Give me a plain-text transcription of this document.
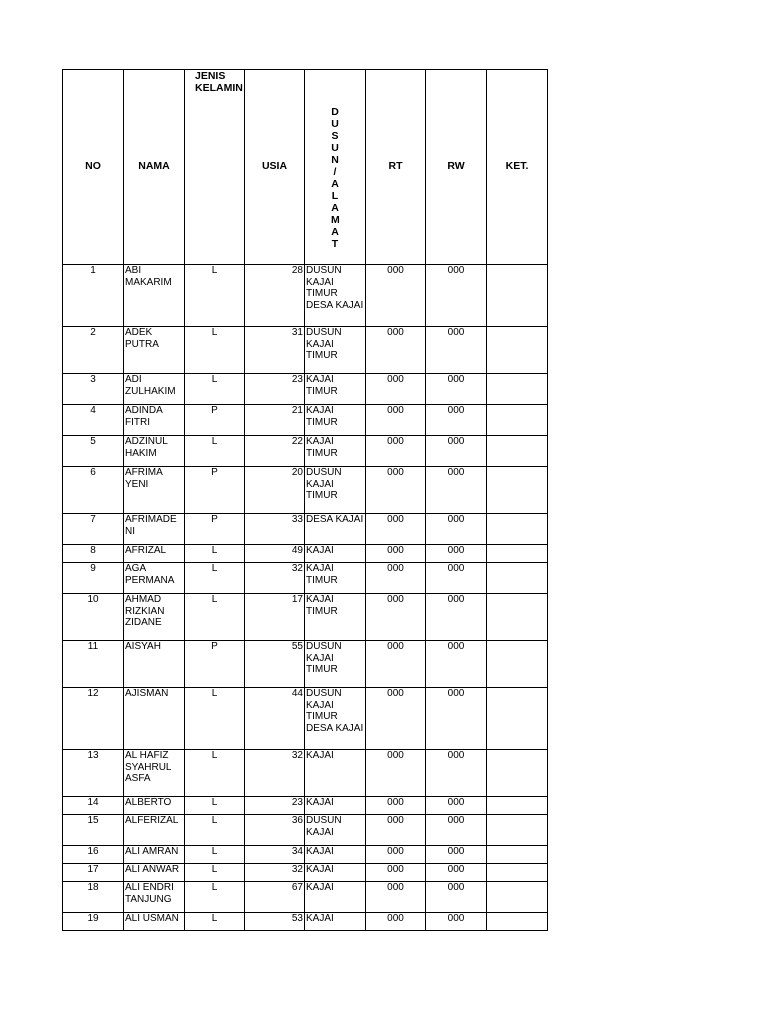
NO	NAMA	JENIS KELAMIN	USIA	DUSUN/ALAMAT	RT	RW	KET.
1	ABI MAKARIM	L	28	DUSUN KAJAI TIMUR DESA KAJAI	000	000	
2	ADEK PUTRA	L	31	DUSUN KAJAI TIMUR	000	000	
3	ADI ZULHAKIM	L	23	KAJAI TIMUR	000	000	
4	ADINDA FITRI	P	21	KAJAI TIMUR	000	000	
5	ADZINUL HAKIM	L	22	KAJAI TIMUR	000	000	
6	AFRIMA YENI	P	20	DUSUN KAJAI TIMUR	000	000	
7	AFRIMADENI	P	33	DESA KAJAI	000	000	
8	AFRIZAL	L	49	KAJAI	000	000	
9	AGA PERMANA	L	32	KAJAI TIMUR	000	000	
10	AHMAD RIZKIAN ZIDANE	L	17	KAJAI TIMUR	000	000	
11	AISYAH	P	55	DUSUN KAJAI TIMUR	000	000	
12	AJISMAN	L	44	DUSUN KAJAI TIMUR DESA KAJAI	000	000	
13	AL HAFIZ SYAHRUL ASFA	L	32	KAJAI	000	000	
14	ALBERTO	L	23	KAJAI	000	000	
15	ALFERIZAL	L	36	DUSUN KAJAI	000	000	
16	ALI AMRAN	L	34	KAJAI	000	000	
17	ALI ANWAR	L	32	KAJAI	000	000	
18	ALI ENDRI TANJUNG	L	67	KAJAI	000	000	
19	ALI USMAN	L	53	KAJAI	000	000	
